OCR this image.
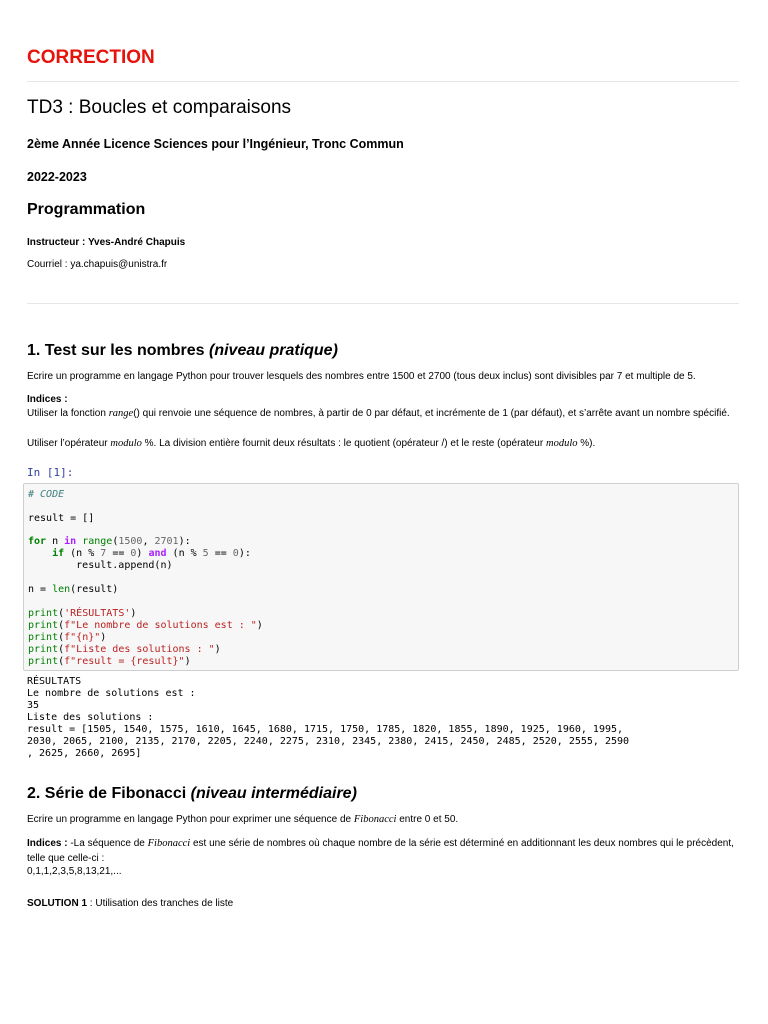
CORRECTION
TD3 : Boucles et comparaisons
2ème Année Licence Sciences pour l’Ingénieur, Tronc Commun
2022-2023
Programmation
Instructeur : Yves-André Chapuis
Courriel : ya.chapuis@unistra.fr
1. Test sur les nombres (niveau pratique)
Ecrire un programme en langage Python pour trouver lesquels des nombres entre 1500 et 2700 (tous deux inclus) sont divisibles par 7 et multiple de 5.
Indices :
Utiliser la fonction range() qui renvoie une séquence de nombres, à partir de 0 par défaut, et incrémente de 1 (par défaut), et s’arrête avant un nombre spécifié.
Utiliser l’opérateur modulo %. La division entière fournit deux résultats : le quotient (opérateur /) et le reste (opérateur modulo %).
In [1]:
# CODE
result = []
for n in range(1500, 2701):
if (n % 7 == 0) and (n % 5 == 0):
result.append(n)
n = len(result)
print('RÉSULTATS')
print(f"Le nombre de solutions est : ")
print(f"{n}")
print(f"Liste des solutions : ")
print(f"result = {result}")
RÉSULTATS
Le nombre de solutions est :
35
Liste des solutions :
result = [1505, 1540, 1575, 1610, 1645, 1680, 1715, 1750, 1785, 1820, 1855, 1890, 1925, 1960, 1995,
2030, 2065, 2100, 2135, 2170, 2205, 2240, 2275, 2310, 2345, 2380, 2415, 2450, 2485, 2520, 2555, 2590
, 2625, 2660, 2695]
2. Série de Fibonacci (niveau intermédiaire)
Ecrire un programme en langage Python pour exprimer une séquence de Fibonacci entre 0 et 50.
Indices : -La séquence de Fibonacci est une série de nombres où chaque nombre de la série est déterminé en additionnant les deux nombres qui le précèdent, telle que celle-ci :
0,1,1,2,3,5,8,13,21,...
SOLUTION 1 : Utilisation des tranches de liste
